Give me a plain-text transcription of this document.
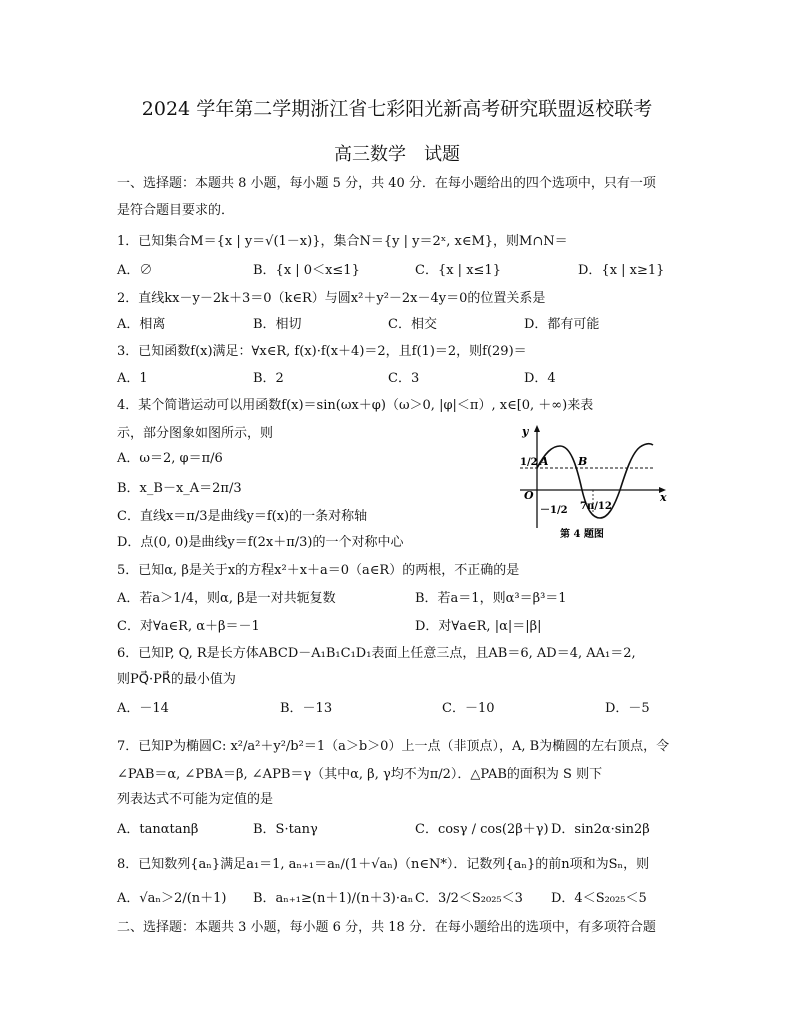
2024 学年第二学期浙江省七彩阳光新高考研究联盟返校联考
高三数学　试题
一、选择题：本题共 8 小题，每小题 5 分，共 40 分．在每小题给出的四个选项中，只有一项
是符合题目要求的．
1．已知集合M＝{x | y＝√(1－x)}，集合N＝{y | y＝2ˣ, x∈M}，则M∩N＝
A．∅	B．{x | 0＜x≤1}	C．{x | x≤1}	D．{x | x≥1}
2．直线kx－y－2k＋3＝0（k∈R）与圆x²＋y²－2x－4y＝0的位置关系是
A．相离	B．相切	C．相交	D．都有可能
3．已知函数f(x)满足：∀x∈R, f(x)·f(x＋4)＝2，且f(1)＝2，则f(29)＝
A．1	B．2	C．3	D．4
4．某个简谐运动可以用函数f(x)＝sin(ωx＋φ)（ω＞0, |φ|＜π）, x∈[0, ＋∞)来表
示，部分图象如图所示，则
A．ω＝2, φ＝π/6
B．x_B－x_A＝2π/3
C．直线x＝π/3是曲线y＝f(x)的一条对称轴
D．点(0, 0)是曲线y＝f(2x＋π/3)的一个对称中心
y
x
O
1/2
－1/2
A	B
7π/12
第 4 题图
5．已知α, β是关于x的方程x²＋x＋a＝0（a∈R）的两根，不正确的是
A．若a＞1/4，则α, β是一对共轭复数	B．若a＝1，则α³＝β³＝1
C．对∀a∈R, α＋β＝－1	D．对∀a∈R, |α|＝|β|
6．已知P, Q, R是长方体ABCD－A₁B₁C₁D₁表面上任意三点，且AB＝6, AD＝4, AA₁＝2,
则PQ⃗·PR⃗的最小值为
A．－14	B．－13	C．－10	D．－5
7．已知P为椭圆C: x²/a²＋y²/b²＝1（a＞b＞0）上一点（非顶点），A, B为椭圆的左右顶点，令
∠PAB＝α, ∠PBA＝β, ∠APB＝γ（其中α, β, γ均不为π/2）．△PAB的面积为 S 则下
列表达式不可能为定值的是
A．tanαtanβ	B．S·tanγ	C．cosγ / cos(2β＋γ) D．sin2α·sin2β
8．已知数列{aₙ}满足a₁＝1, aₙ₊₁＝aₙ/(1＋√aₙ)（n∈N*）．记数列{aₙ}的前n项和为Sₙ，则
A．√aₙ＞2/(n＋1) B．aₙ₊₁≥(n＋1)/(n＋3)·aₙ C．3/2＜S₂₀₂₅＜3 D．4＜S₂₀₂₅＜5
二、选择题：本题共 3 小题，每小题 6 分，共 18 分．在每小题给出的选项中，有多项符合题
